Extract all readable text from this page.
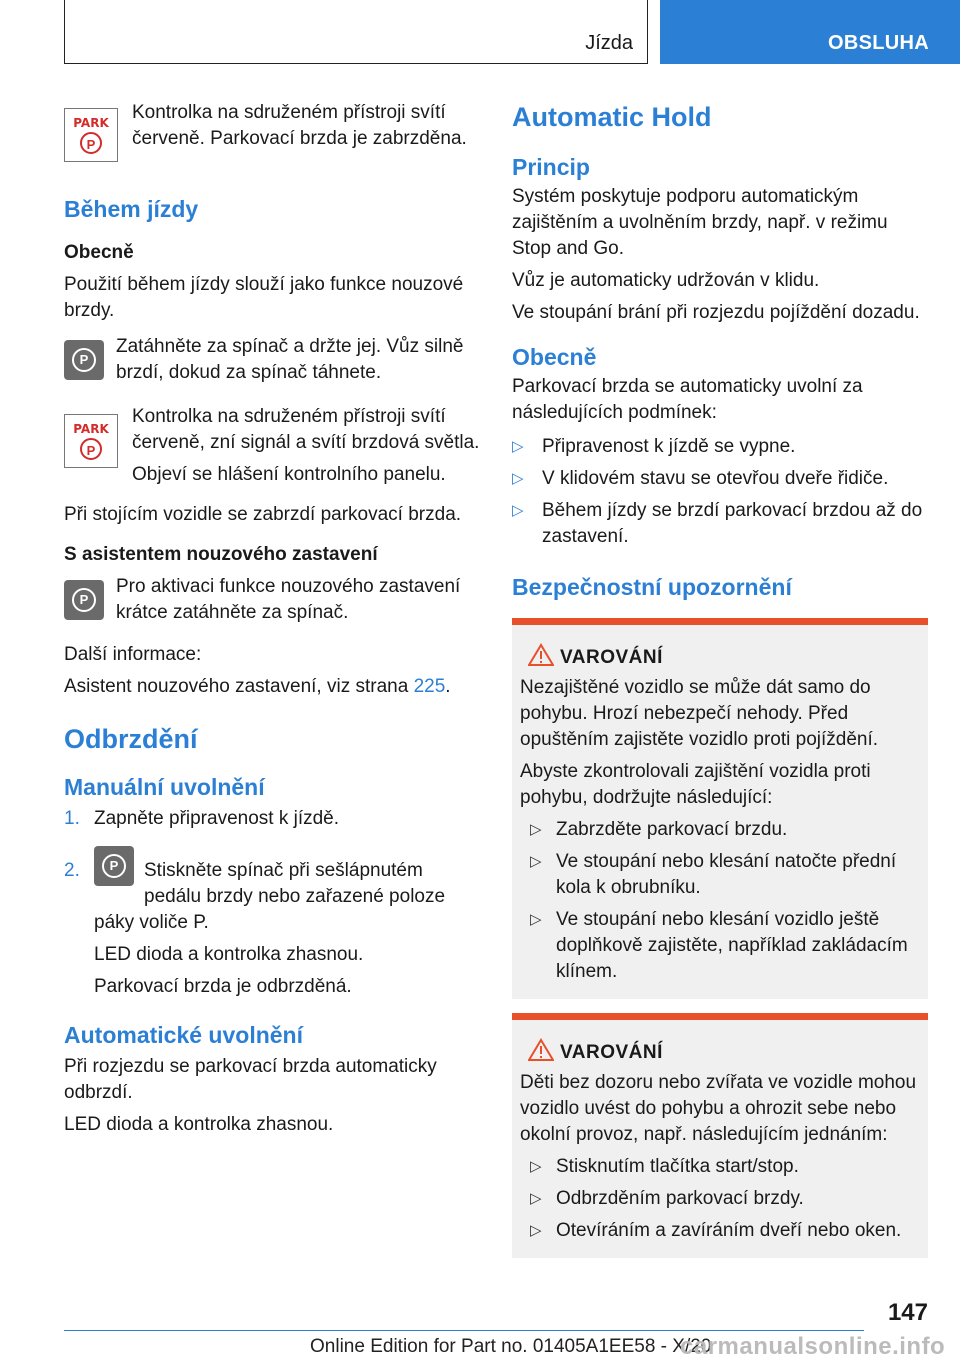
Jízda	OBSLUHA
PARK
P

Kontrolka na sdruženém přístroji svítí červeně. Parkovací brzda je zabrzděna.

Během jízdy

Obecně

Použití během jízdy slouží jako funkce nouzové brzdy.

P

Zatáhněte za spínač a držte jej. Vůz silně brzdí, dokud za spínač táhnete.

PARK
P

Kontrolka na sdruženém přístroji svítí červeně, zní signál a svítí brzdová světla.

Objeví se hlášení kontrolního panelu.

Při stojícím vozidle se zabrzdí parkovací brzda.

S asistentem nouzového zastavení

P

Pro aktivaci funkce nouzového zastavení krátce zatáhněte za spínač.

Další informace:

Asistent nouzového zastavení, viz strana 225.

Odbrzdění

Manuální uvolnění

1. Zapněte připravenost k jízdě.

2.	P	Stiskněte spínač při sešlápnutém pedálu brzdy nebo zařazené poloze páky voliče P.

LED dioda a kontrolka zhasnou.

Parkovací brzda je odbrzděná.

Automatické uvolnění

Při rozjezdu se parkovací brzda automaticky odbrzdí.

LED dioda a kontrolka zhasnou.

Automatic Hold

Princip

Systém poskytuje podporu automatickým zajištěním a uvolněním brzdy, např. v režimu Stop and Go.

Vůz je automaticky udržován v klidu.

Ve stoupání brání při rozjezdu pojíždění dozadu.

Obecně

Parkovací brzda se automaticky uvolní za následujících podmínek:

▷ Připravenost k jízdě se vypne.

▷ V klidovém stavu se otevřou dveře řidiče.

▷ Během jízdy se brzdí parkovací brzdou až do zastavení.

Bezpečnostní upozornění

VAROVÁNÍ

Nezajištěné vozidlo se může dát samo do pohybu. Hrozí nebezpečí nehody. Před opuštěním zajistěte vozidlo proti pojíždění.

Abyste zkontrolovali zajištění vozidla proti pohybu, dodržujte následující:

▷ Zabrzděte parkovací brzdu.

▷ Ve stoupání nebo klesání natočte přední kola k obrubníku.

▷ Ve stoupání nebo klesání vozidlo ještě doplňkově zajistěte, například zakládacím klínem.

VAROVÁNÍ

Děti bez dozoru nebo zvířata ve vozidle mohou vozidlo uvést do pohybu a ohrozit sebe nebo okolní provoz, např. následujícím jednáním:

▷ Stisknutím tlačítka start/stop.

▷ Odbrzděním parkovací brzdy.

▷ Otevíráním a zavíráním dveří nebo oken.

147
Online Edition for Part no. 01405A1EE58 - X/20
carmanualsonline.info
